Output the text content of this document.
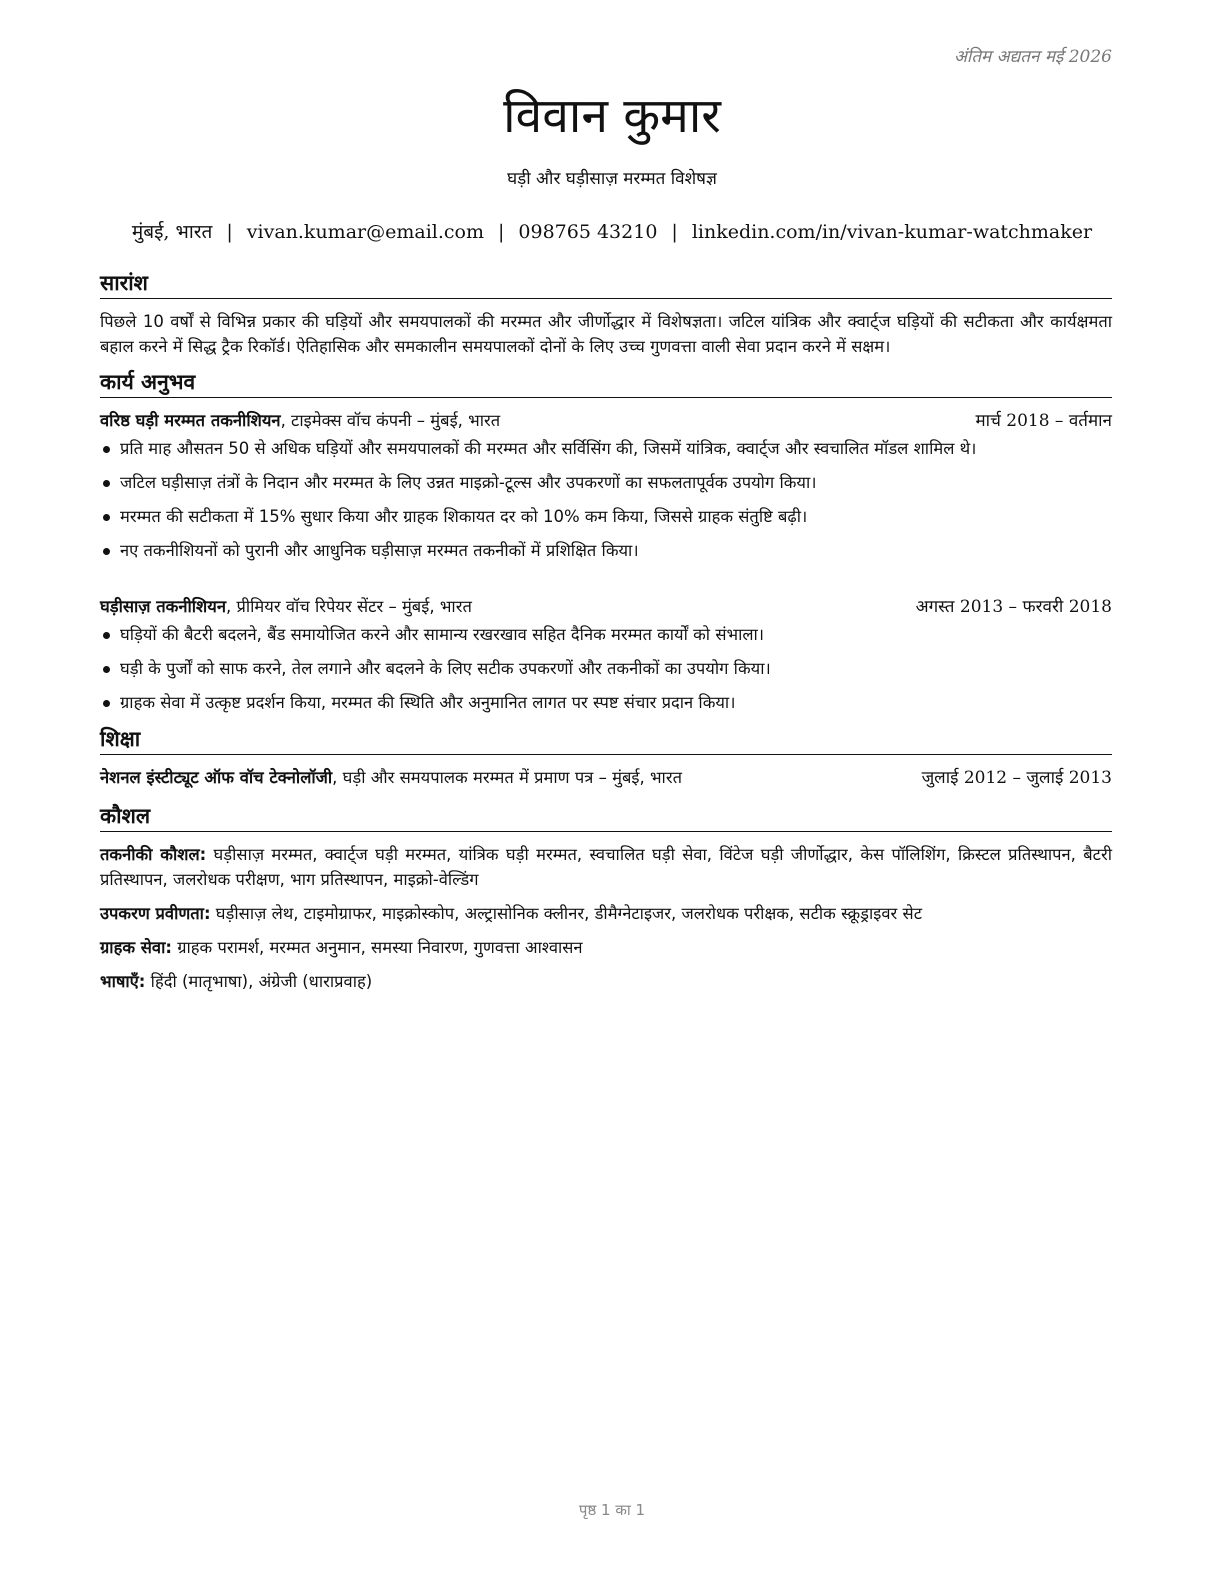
अंतिम अद्यतन मई 2026
विवान कुमार
घड़ी और घड़ीसाज़ मरम्मत विशेषज्ञ
मुंबई, भारत | vivan.kumar@email.com | 098765 43210 | linkedin.com/in/vivan-kumar-watchmaker
सारांश

पिछले 10 वर्षों से विभिन्न प्रकार की घड़ियों और समयपालकों की मरम्मत और जीर्णोद्धार में विशेषज्ञता। जटिल यांत्रिक और क्वार्ट्ज घड़ियों की सटीकता और कार्यक्षमता बहाल करने में सिद्ध ट्रैक रिकॉर्ड। ऐतिहासिक और समकालीन समयपालकों दोनों के लिए उच्च गुणवत्ता वाली सेवा प्रदान करने में सक्षम।

कार्य अनुभव
वरिष्ठ घड़ी मरम्मत तकनीशियन, टाइमेक्स वॉच कंपनी – मुंबई, भारत	मार्च 2018 – वर्तमान
प्रति माह औसतन 50 से अधिक घड़ियों और समयपालकों की मरम्मत और सर्विसिंग की, जिसमें यांत्रिक, क्वार्ट्ज और स्वचालित मॉडल शामिल थे।
जटिल घड़ीसाज़ तंत्रों के निदान और मरम्मत के लिए उन्नत माइक्रो-टूल्स और उपकरणों का सफलतापूर्वक उपयोग किया।
मरम्मत की सटीकता में 15% सुधार किया और ग्राहक शिकायत दर को 10% कम किया, जिससे ग्राहक संतुष्टि बढ़ी।
नए तकनीशियनों को पुरानी और आधुनिक घड़ीसाज़ मरम्मत तकनीकों में प्रशिक्षित किया।
घड़ीसाज़ तकनीशियन, प्रीमियर वॉच रिपेयर सेंटर – मुंबई, भारत	अगस्त 2013 – फरवरी 2018
घड़ियों की बैटरी बदलने, बैंड समायोजित करने और सामान्य रखरखाव सहित दैनिक मरम्मत कार्यों को संभाला।
घड़ी के पुर्जों को साफ करने, तेल लगाने और बदलने के लिए सटीक उपकरणों और तकनीकों का उपयोग किया।
ग्राहक सेवा में उत्कृष्ट प्रदर्शन किया, मरम्मत की स्थिति और अनुमानित लागत पर स्पष्ट संचार प्रदान किया।
शिक्षा
नेशनल इंस्टीट्यूट ऑफ वॉच टेक्नोलॉजी, घड़ी और समयपालक मरम्मत में प्रमाण पत्र – मुंबई, भारत	जुलाई 2012 – जुलाई 2013
कौशल

तकनीकी कौशल: घड़ीसाज़ मरम्मत, क्वार्ट्ज घड़ी मरम्मत, यांत्रिक घड़ी मरम्मत, स्वचालित घड़ी सेवा, विंटेज घड़ी जीर्णोद्धार, केस पॉलिशिंग, क्रिस्टल प्रतिस्थापन, बैटरी प्रतिस्थापन, जलरोधक परीक्षण, भाग प्रतिस्थापन, माइक्रो-वेल्डिंग

उपकरण प्रवीणता: घड़ीसाज़ लेथ, टाइमोग्राफर, माइक्रोस्कोप, अल्ट्रासोनिक क्लीनर, डीमैग्नेटाइजर, जलरोधक परीक्षक, सटीक स्क्रूड्राइवर सेट

ग्राहक सेवा: ग्राहक परामर्श, मरम्मत अनुमान, समस्या निवारण, गुणवत्ता आश्वासन

भाषाएँ: हिंदी (मातृभाषा), अंग्रेजी (धाराप्रवाह)

पृष्ठ 1 का 1
